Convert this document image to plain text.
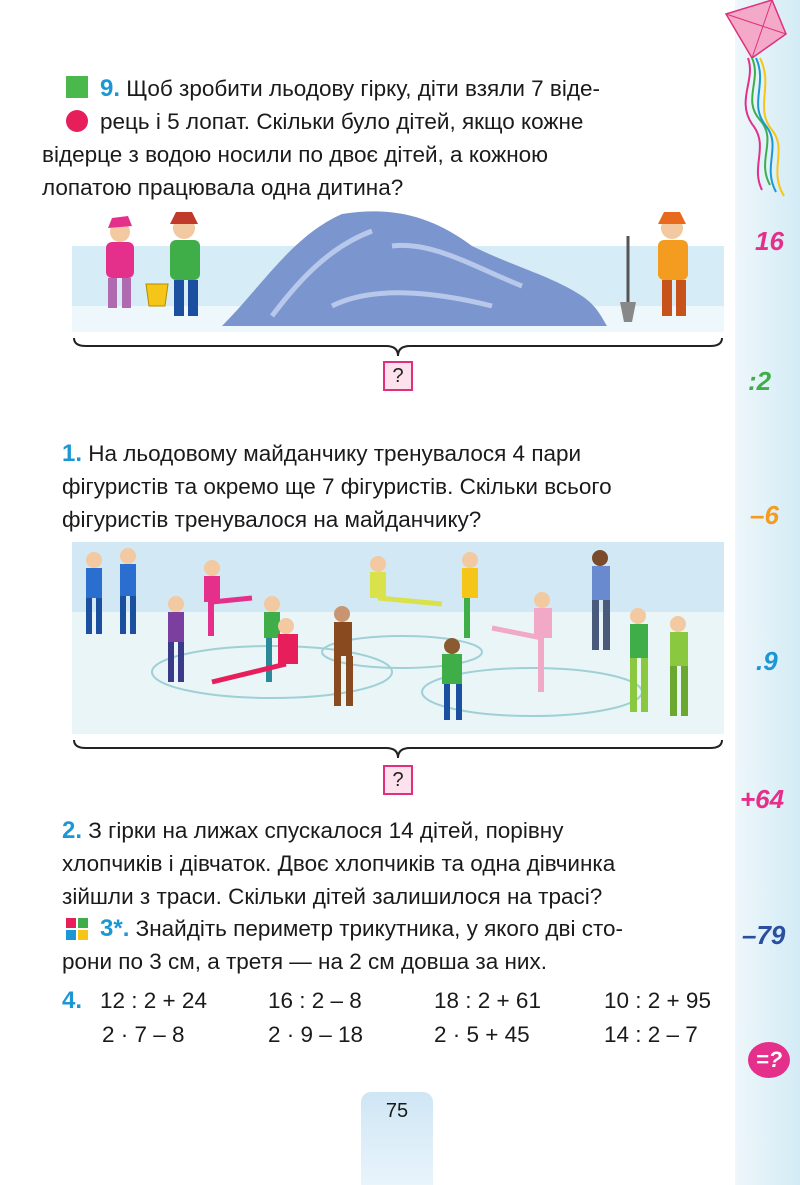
16
:2
–6
.9
+64
–79
=?

9. Щоб зробити льодову гірку, діти взяли 7 віде-

рець і 5 лопат. Скільки було дітей, якщо кожне

відерце з водою носили по двоє дітей, а кожною

лопатою працювала одна дитина?

?

1. На льодовому майданчику тренувалося 4 пари

фігуристів та окремо ще 7 фігуристів. Скільки всього

фігуристів тренувалося на майданчику?

?

2. З гірки на лижах спускалося 14 дітей, порівну

хлопчиків і дівчаток. Двоє хлопчиків та одна дівчинка

зійшли з траси. Скільки дітей залишилося на трасі?

3*. Знайдіть периметр трикутника, у якого дві сто-

рони по 3 см, а третя — на 2 см довша за них.

4. 12 : 2 + 24	16 : 2 – 8	18 : 2 + 61	10 : 2 + 95
2 · 7 – 8	2 · 9 – 18	2 · 5 + 45	14 : 2 – 7
75
